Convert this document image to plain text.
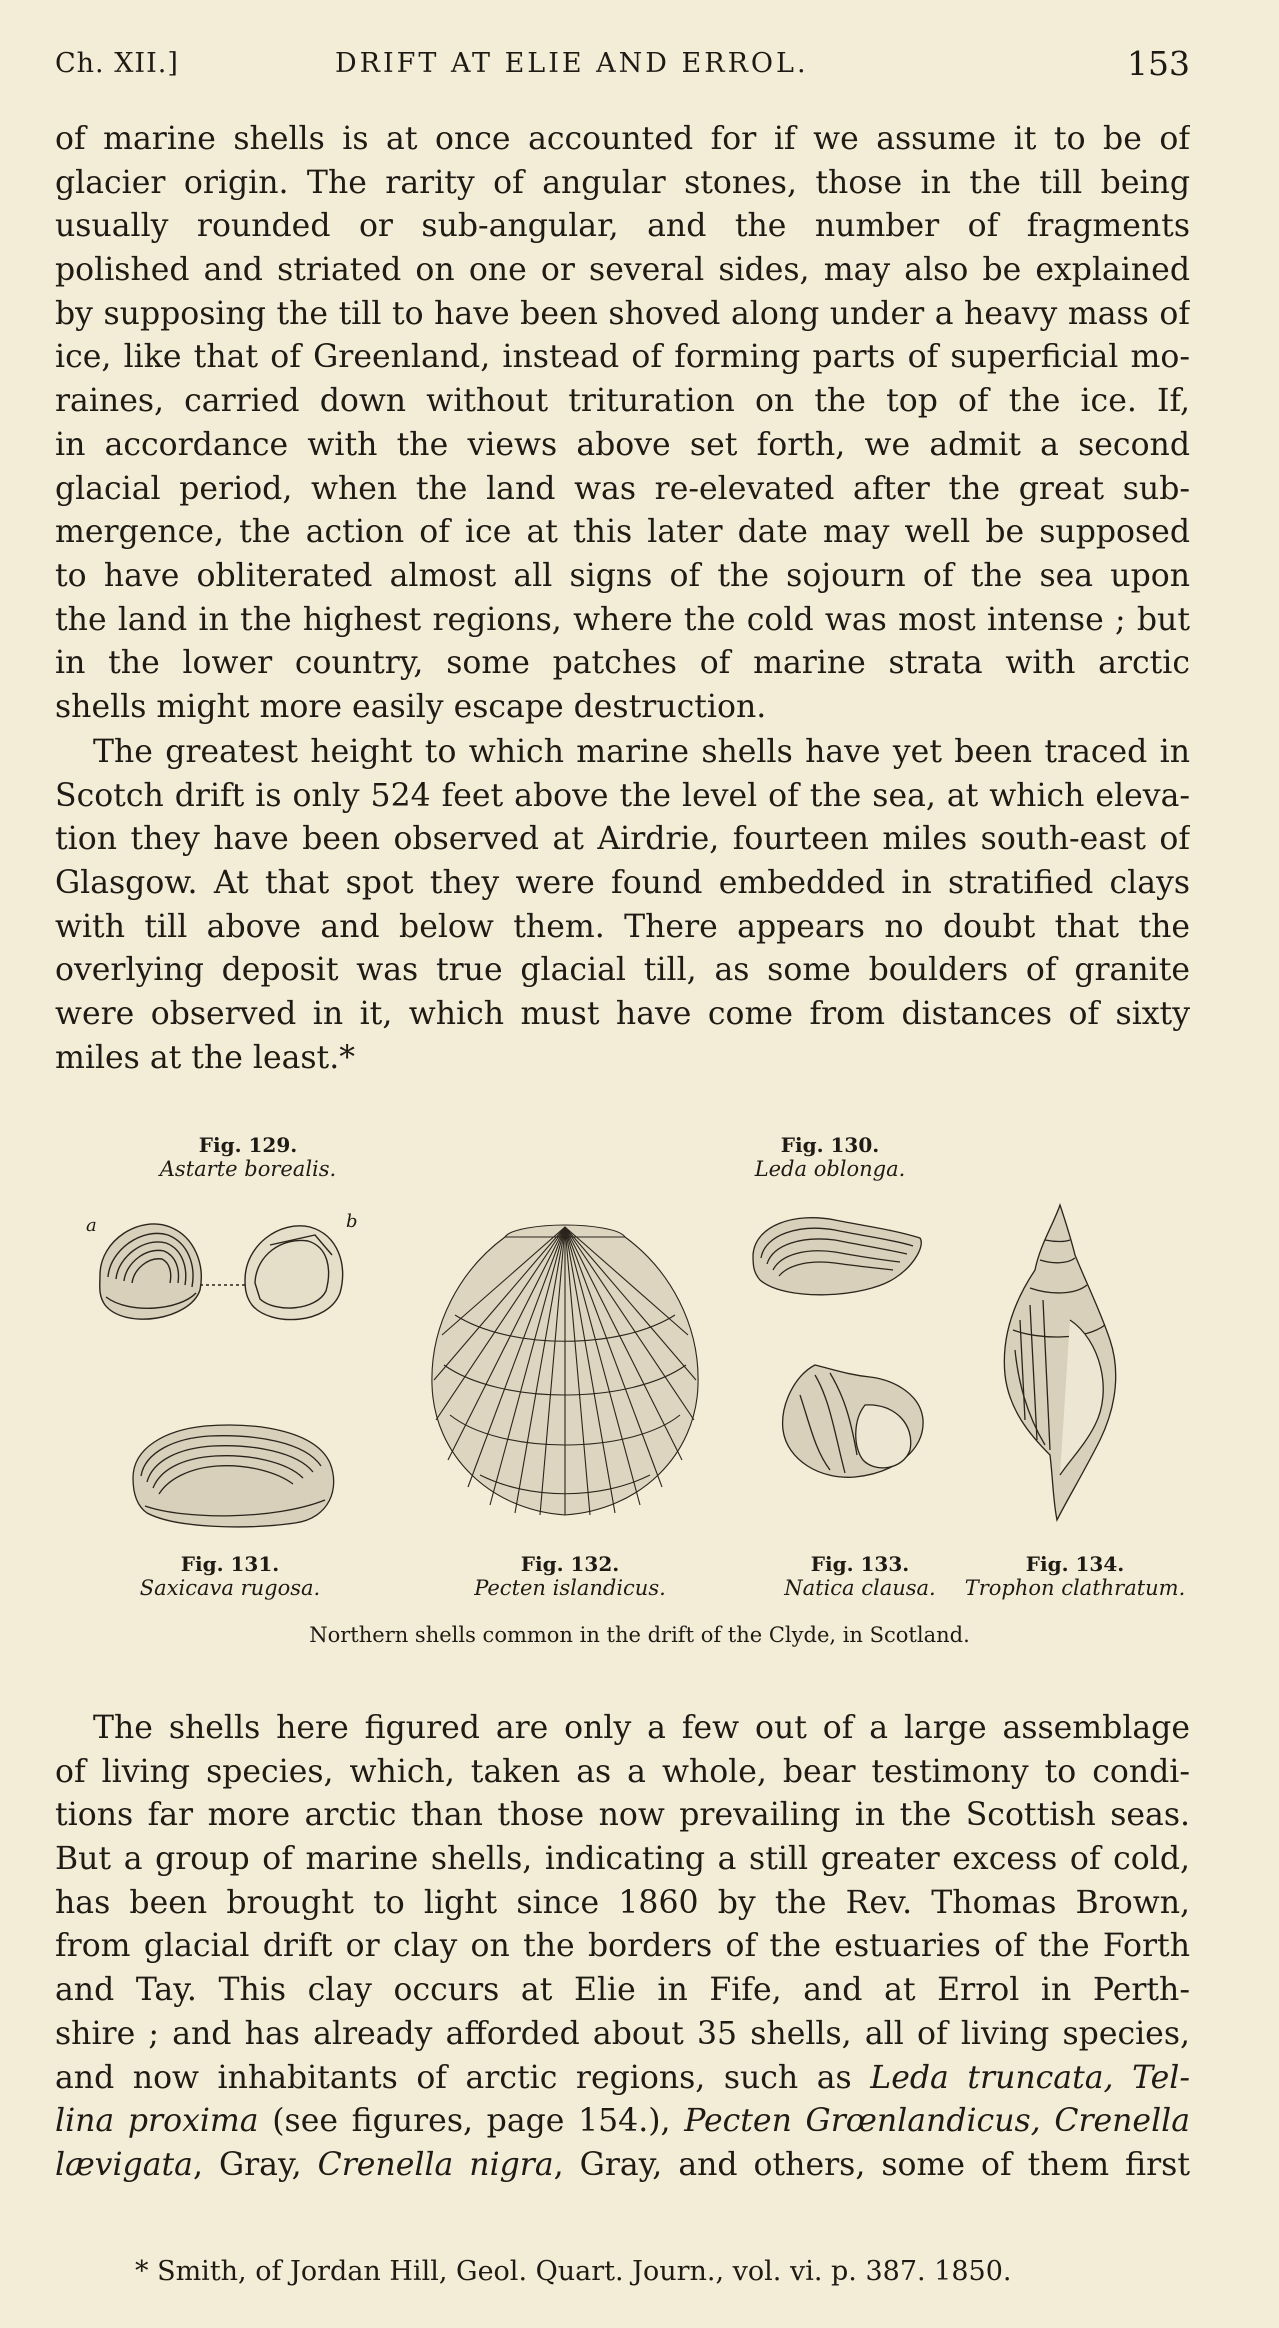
Ch. XII.]	DRIFT AT ELIE AND ERROL.	153
of marine shells is at once accounted for if we assume it to be of
glacier origin. The rarity of angular stones, those in the till being
usually rounded or sub-angular, and the number of fragments
polished and striated on one or several sides, may also be explained
by supposing the till to have been shoved along under a heavy mass of
ice, like that of Greenland, instead of forming parts of superficial mo-
raines, carried down without trituration on the top of the ice. If,
in accordance with the views above set forth, we admit a second
glacial period, when the land was re-elevated after the great sub-
mergence, the action of ice at this later date may well be supposed
to have obliterated almost all signs of the sojourn of the sea upon
the land in the highest regions, where the cold was most intense ; but
in the lower country, some patches of marine strata with arctic
shells might more easily escape destruction.
The greatest height to which marine shells have yet been traced in
Scotch drift is only 524 feet above the level of the sea, at which eleva-
tion they have been observed at Airdrie, fourteen miles south-east of
Glasgow. At that spot they were found embedded in stratified clays
with till above and below them. There appears no doubt that the
overlying deposit was true glacial till, as some boulders of granite
were observed in it, which must have come from distances of sixty
miles at the least.*
Fig. 129.
Astarte borealis.
Fig. 130.
Leda oblonga.
Fig. 131.
Saxicava rugosa.
Fig. 132.
Pecten islandicus.
Fig. 133.
Natica clausa.
Fig. 134.
Trophon clathratum.
a	b
Northern shells common in the drift of the Clyde, in Scotland.
The shells here figured are only a few out of a large assemblage
of living species, which, taken as a whole, bear testimony to condi-
tions far more arctic than those now prevailing in the Scottish seas.
But a group of marine shells, indicating a still greater excess of cold,
has been brought to light since 1860 by the Rev. Thomas Brown,
from glacial drift or clay on the borders of the estuaries of the Forth
and Tay. This clay occurs at Elie in Fife, and at Errol in Perth-
shire ; and has already afforded about 35 shells, all of living species,
and now inhabitants of arctic regions, such as Leda truncata, Tel-
lina proxima (see figures, page 154.), Pecten Grœnlandicus, Crenella
lævigata, Gray, Crenella nigra, Gray, and others, some of them first
* Smith, of Jordan Hill, Geol. Quart. Journ., vol. vi. p. 387. 1850.
